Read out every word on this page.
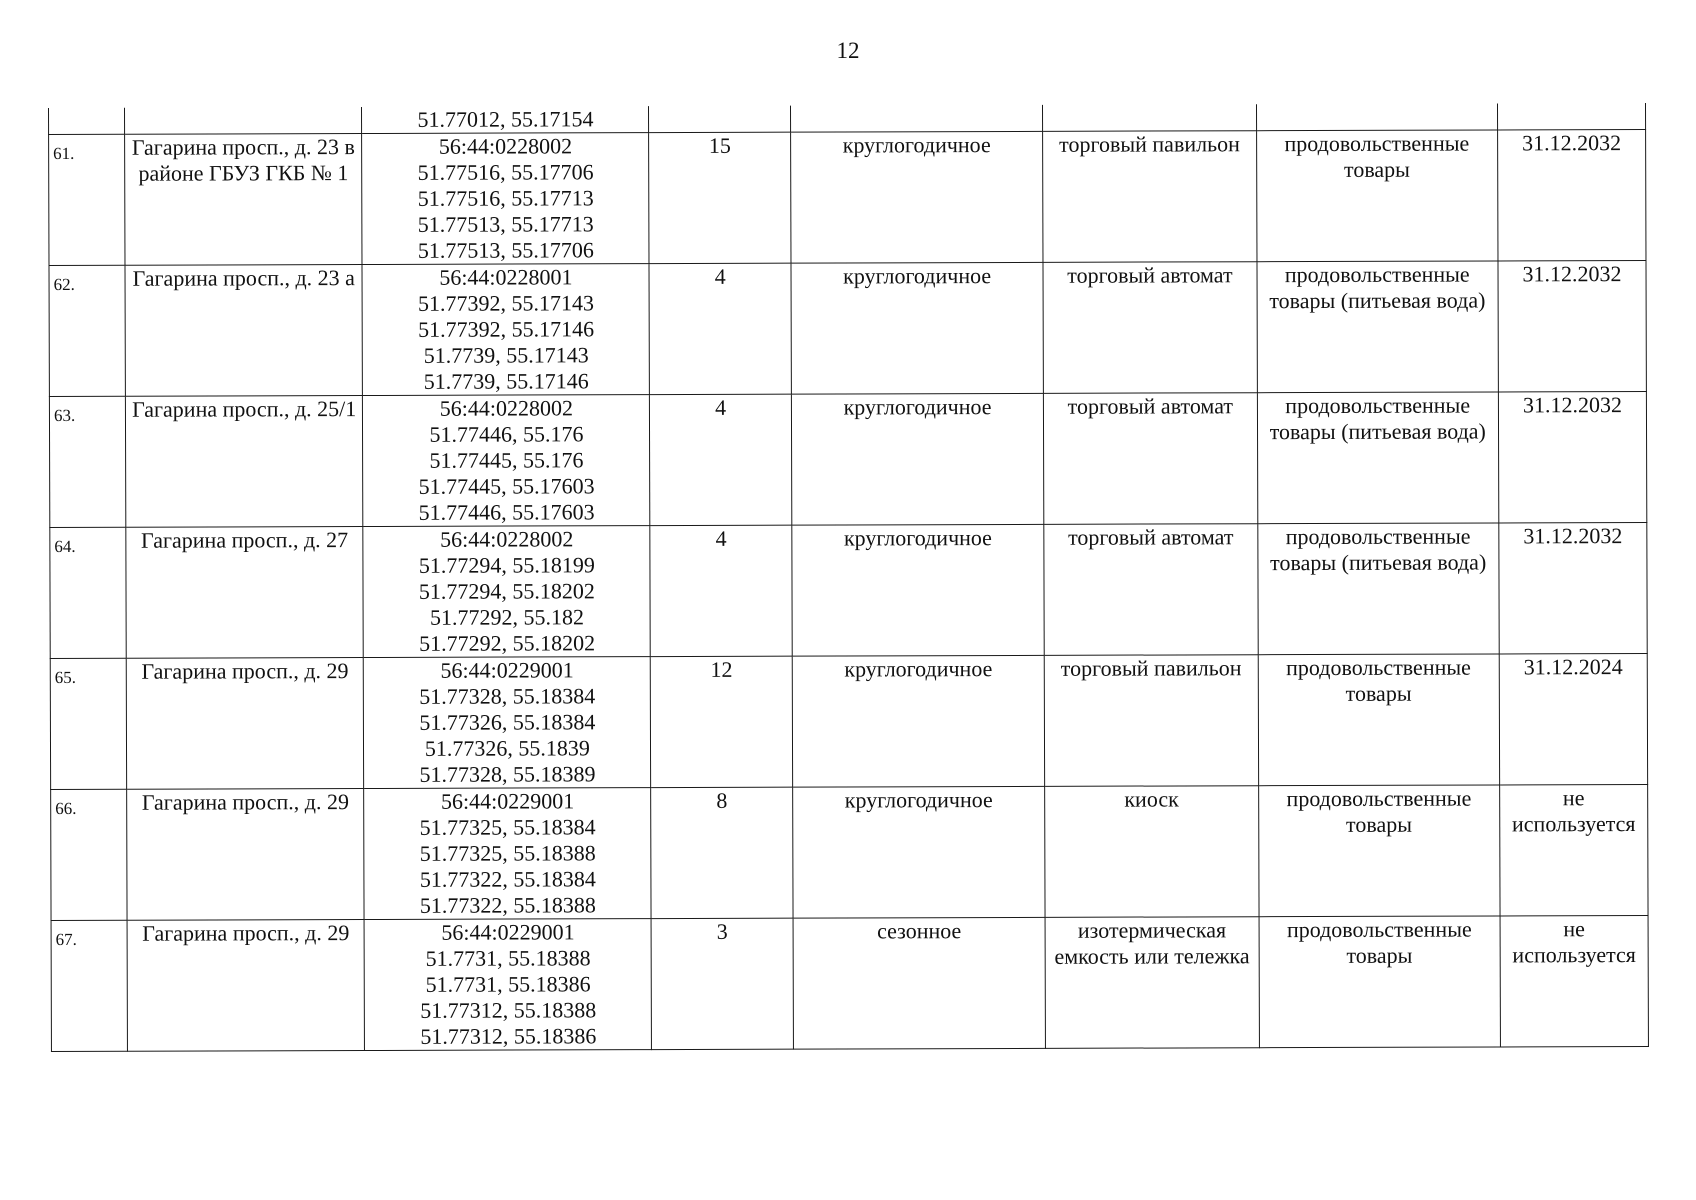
12

		51.77012, 55.17154					

61.	Гагарина просп., д. 23 в районе ГБУЗ ГКБ № 1	56:44:0228002
51.77516, 55.17706
51.77516, 55.17713
51.77513, 55.17713
51.77513, 55.17706	15	круглогодичное	торговый павильон	продовольственные товары	31.12.2032
62.	Гагарина просп., д. 23 а	56:44:0228001
51.77392, 55.17143
51.77392, 55.17146
51.7739, 55.17143
51.7739, 55.17146	4	круглогодичное	торговый автомат	продовольственные товары (питьевая вода)	31.12.2032
63.	Гагарина просп., д. 25/1	56:44:0228002
51.77446, 55.176
51.77445, 55.176
51.77445, 55.17603
51.77446, 55.17603	4	круглогодичное	торговый автомат	продовольственные товары (питьевая вода)	31.12.2032
64.	Гагарина просп., д. 27	56:44:0228002
51.77294, 55.18199
51.77294, 55.18202
51.77292, 55.182
51.77292, 55.18202	4	круглогодичное	торговый автомат	продовольственные товары (питьевая вода)	31.12.2032
65.	Гагарина просп., д. 29	56:44:0229001
51.77328, 55.18384
51.77326, 55.18384
51.77326, 55.1839
51.77328, 55.18389	12	круглогодичное	торговый павильон	продовольственные товары	31.12.2024
66.	Гагарина просп., д. 29	56:44:0229001
51.77325, 55.18384
51.77325, 55.18388
51.77322, 55.18384
51.77322, 55.18388	8	круглогодичное	киоск	продовольственные товары	не используется
67.	Гагарина просп., д. 29	56:44:0229001
51.7731, 55.18388
51.7731, 55.18386
51.77312, 55.18388
51.77312, 55.18386	3	сезонное	изотермическая емкость или тележка	продовольственные товары	не используется
